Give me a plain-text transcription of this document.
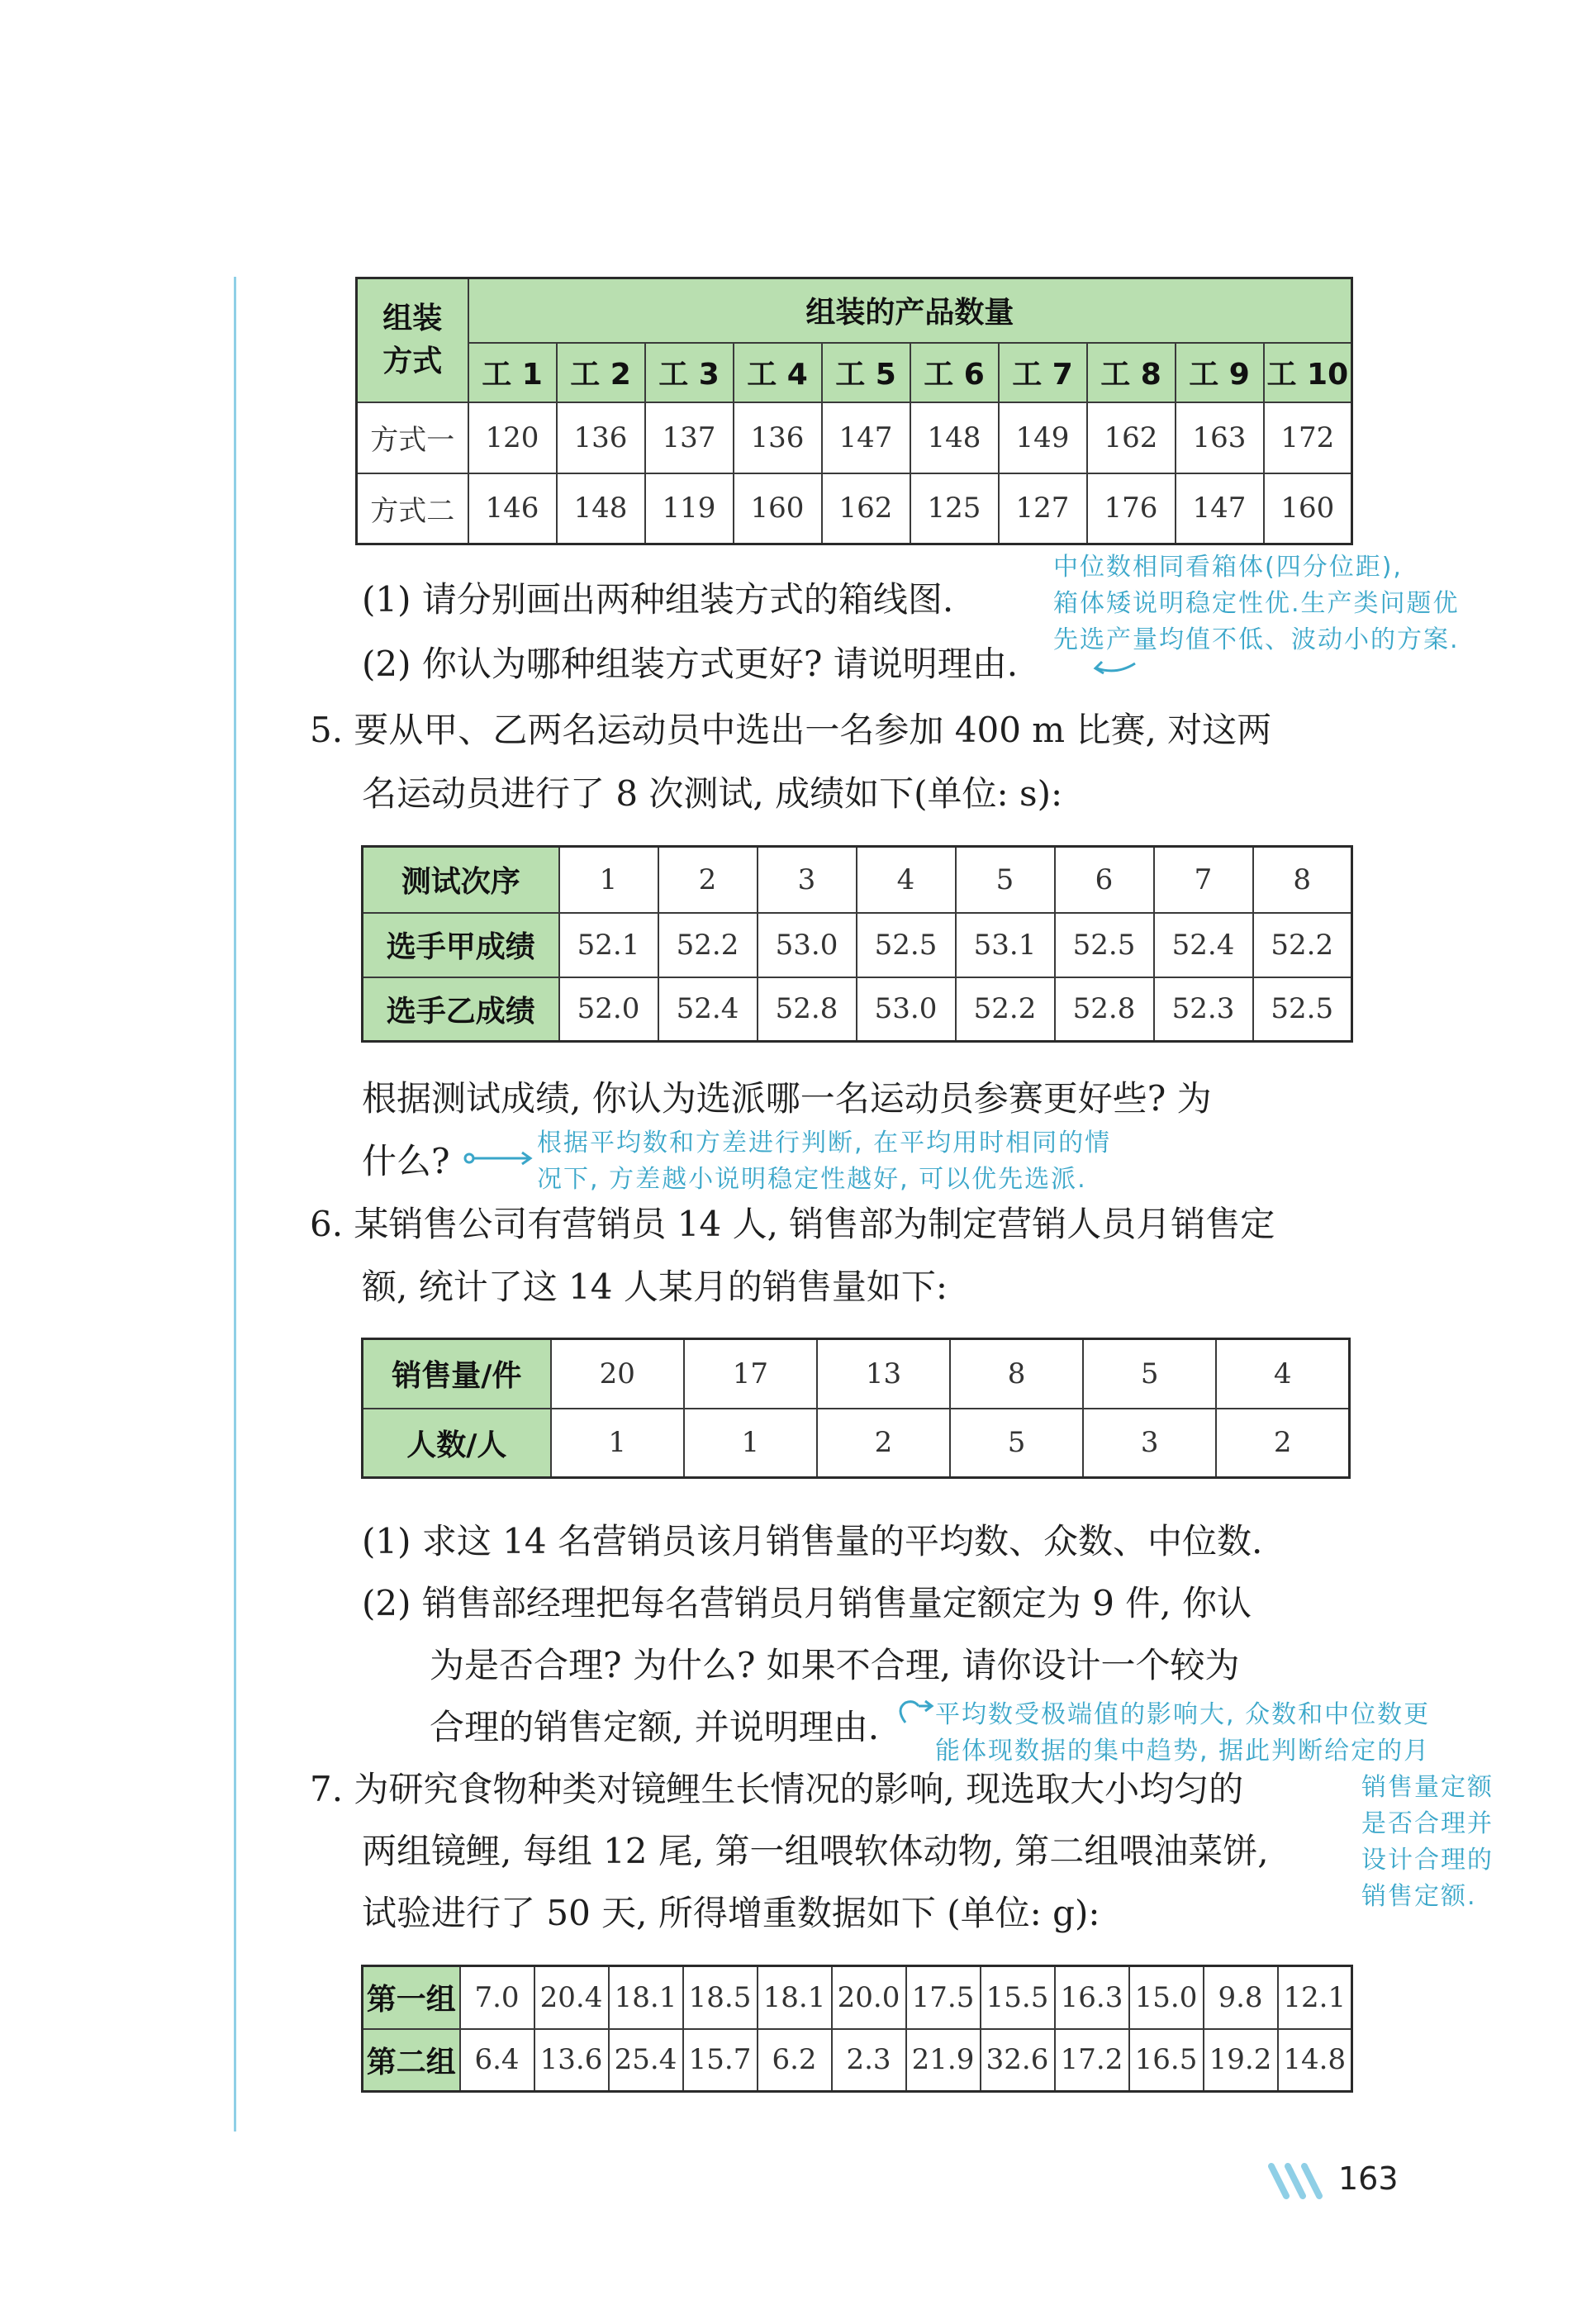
组装方式	组装的产品数量									
	工 1	工 2	工 3	工 4	工 5	工 6	工 7	工 8	工 9	工 10
方式一	120	136	137	136	147	148	149	162	163	172
方式二	146	148	119	160	162	125	127	176	147	160
(1) 请分别画出两种组装方式的箱线图.
(2) 你认为哪种组装方式更好? 请说明理由.
中位数相同看箱体(四分位距),
箱体矮说明稳定性优.生产类问题优
先选产量均值不低、波动小的方案.
5. 要从甲、乙两名运动员中选出一名参加 400 m 比赛, 对这两
名运动员进行了 8 次测试, 成绩如下(单位: s):
测试次序	1	2	3	4	5	6	7	8
选手甲成绩	52.1	52.2	53.0	52.5	53.1	52.5	52.4	52.2
选手乙成绩	52.0	52.4	52.8	53.0	52.2	52.8	52.3	52.5
根据测试成绩, 你认为选派哪一名运动员参赛更好些? 为
什么?	根据平均数和方差进行判断, 在平均用时相同的情
况下, 方差越小说明稳定性越好, 可以优先选派.
6. 某销售公司有营销员 14 人, 销售部为制定营销人员月销售定
额, 统计了这 14 人某月的销售量如下:
销售量/件	20	17	13	8	5	4
人数/人	1	1	2	5	3	2
(1) 求这 14 名营销员该月销售量的平均数、众数、中位数.
(2) 销售部经理把每名营销员月销售量定额定为 9 件, 你认
为是否合理? 为什么? 如果不合理, 请你设计一个较为
合理的销售定额, 并说明理由. 平均数受极端值的影响大, 众数和中位数更
能体现数据的集中趋势, 据此判断给定的月
销售量定额
是否合理并
设计合理的
销售定额.
7. 为研究食物种类对镜鲤生长情况的影响, 现选取大小均匀的
两组镜鲤, 每组 12 尾, 第一组喂软体动物, 第二组喂油菜饼,
试验进行了 50 天, 所得增重数据如下 (单位: g):
第一组	7.0	20.4	18.1	18.5	18.1	20.0	17.5	15.5	16.3	15.0	9.8	12.1
第二组	6.4	13.6	25.4	15.7	6.2	2.3	21.9	32.6	17.2	16.5	19.2	14.8
163
